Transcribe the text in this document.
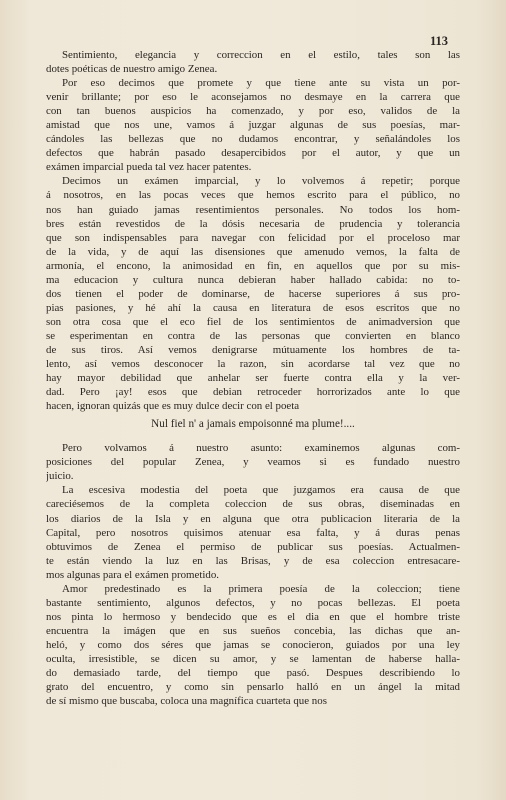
113
Sentimiento, elegancia y correccion en el estilo, tales son las
dotes poéticas de nuestro amigo Zenea.
Por eso decimos que promete y que tiene ante su vista un por-
venir brillante; por eso le aconsejamos no desmaye en la carrera que
con tan buenos auspicios ha comenzado, y por eso, validos de la
amistad que nos une, vamos á juzgar algunas de sus poesías, mar-
cándoles las bellezas que no dudamos encontrar, y señalándoles los
defectos que habrán pasado desapercibidos por el autor, y que un
exámen imparcial pueda tal vez hacer patentes.
Decimos un exámen imparcial, y lo volvemos á repetir; porque
á nosotros, en las pocas veces que hemos escrito para el público, no
nos han guiado jamas resentimientos personales. No todos los hom-
bres están revestidos de la dósis necesaria de prudencia y tolerancia
que son indispensables para navegar con felicidad por el proceloso mar
de la vida, y de aquí las disensiones que amenudo vemos, la falta de
armonía, el encono, la animosidad en fin, en aquellos que por su mis-
ma educacion y cultura nunca debieran haber hallado cabida: no to-
dos tienen el poder de dominarse, de hacerse superiores á sus pro-
pias pasiones, y hé ahí la causa en literatura de esos escritos que no
son otra cosa que el eco fiel de los sentimientos de animadversion que
se esperimentan en contra de las personas que convierten en blanco
de sus tiros. Así vemos denigrarse mútuamente los hombres de ta-
lento, así vemos desconocer la razon, sin acordarse tal vez que no
hay mayor debilidad que anhelar ser fuerte contra ella y la ver-
dad. Pero ¡ay! esos que debian retroceder horrorizados ante lo que
hacen, ignoran quizás que es muy dulce decir con el poeta
Nul fiel n' a jamais empoisonné ma plume!....
Pero volvamos á nuestro asunto: examinemos algunas com-
posiciones del popular Zenea, y veamos si es fundado nuestro
juicio.
La escesiva modestia del poeta que juzgamos era causa de que
careciésemos de la completa coleccion de sus obras, diseminadas en
los diarios de la Isla y en alguna que otra publicacion literaria de la
Capital, pero nosotros quisimos atenuar esa falta, y á duras penas
obtuvimos de Zenea el permiso de publicar sus poesías. Actualmen-
te están viendo la luz en las Brisas, y de esa coleccion entresacare-
mos algunas para el exámen prometido.
Amor predestinado es la primera poesía de la coleccion; tiene
bastante sentimiento, algunos defectos, y no pocas bellezas. El poeta
nos pinta lo hermoso y bendecido que es el dia en que el hombre triste
encuentra la imágen que en sus sueños concebia, las dichas que an-
heló, y como dos séres que jamas se conocieron, guiados por una ley
oculta, irresistible, se dicen su amor, y se lamentan de haberse halla-
do demasiado tarde, del tiempo que pasó. Despues describiendo lo
grato del encuentro, y como sin pensarlo halló en un ángel la mitad
de sí mismo que buscaba, coloca una magnífica cuarteta que nos
